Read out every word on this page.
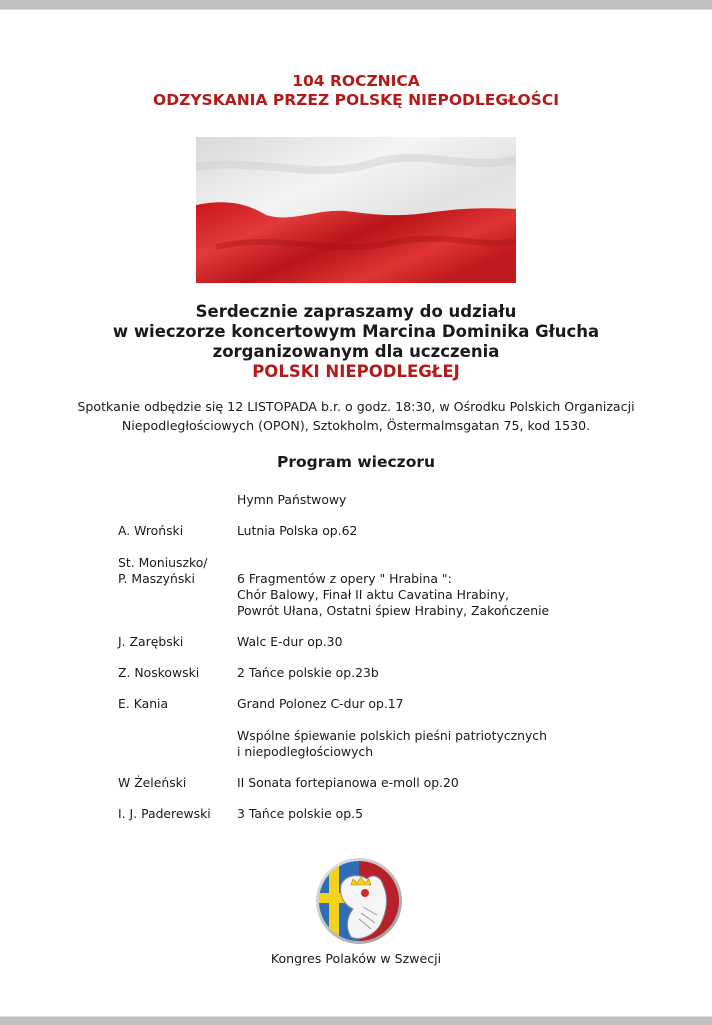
104 ROCZNICA
ODZYSKANIA PRZEZ POLSKĘ NIEPODLEGŁOŚCI
Serdecznie zapraszamy do udziału
w wieczorze koncertowym Marcina Dominika Głucha
zorganizowanym dla uczczenia
POLSKI NIEPODLEGŁEJ
Spotkanie odbędzie się 12 LISTOPADA b.r. o godz. 18:30, w Ośrodku Polskich Organizacji
Niepodległościowych (OPON), Sztokholm, Östermalmsgatan 75, kod 1530.
Program wieczoru
Hymn Państwowy
A. Wroński	Lutnia Polska op.62
St. Moniuszko/
P. Maszyński	6 Fragmentów z opery " Hrabina ":
Chór Balowy, Finał II aktu Cavatina Hrabiny,
Powrót Ułana, Ostatni śpiew Hrabiny, Zakończenie
J. Zarębski	Walc E-dur op.30
Z. Noskowski	2 Tańce polskie op.23b
E. Kania	Grand Polonez C-dur op.17
Wspólne śpiewanie polskich pieśni patriotycznych
i niepodległościowych
W Żeleński	II Sonata fortepianowa e-moll op.20
I. J. Paderewski 3 Tańce polskie op.5
Kongres Polaków w Szwecji
